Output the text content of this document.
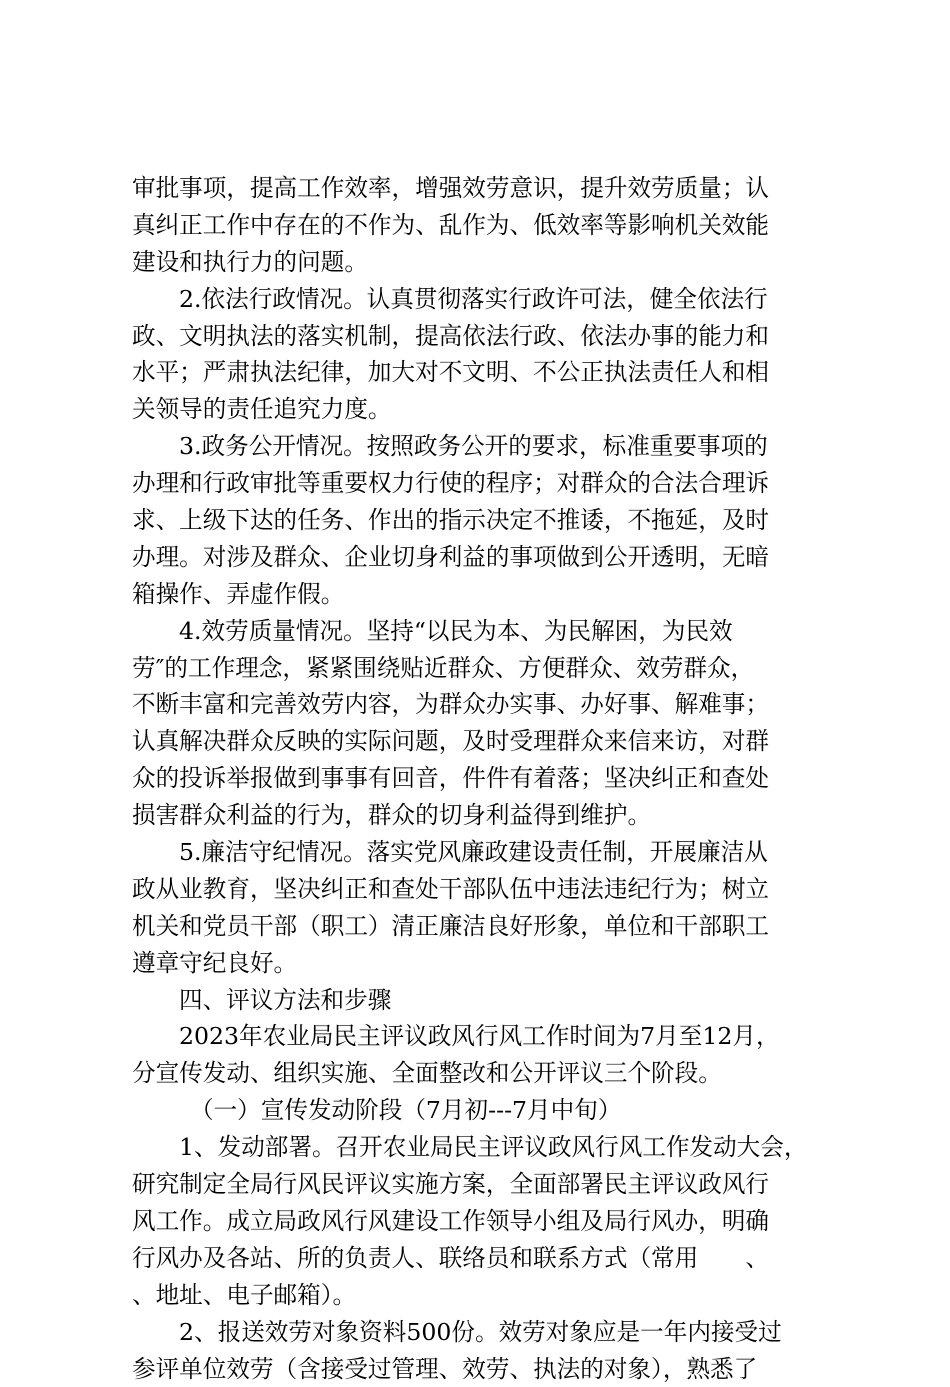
审批事项，提高工作效率，增强效劳意识，提升效劳质量；认
真纠正工作中存在的不作为、乱作为、低效率等影响机关效能
建设和执行力的问题。
2.依法行政情况。认真贯彻落实行政许可法，健全依法行
政、文明执法的落实机制，提高依法行政、依法办事的能力和
水平；严肃执法纪律，加大对不文明、不公正执法责任人和相
关领导的责任追究力度。
3.政务公开情况。按照政务公开的要求，标准重要事项的
办理和行政审批等重要权力行使的程序；对群众的合法合理诉
求、上级下达的任务、作出的指示决定不推诿，不拖延，及时
办理。对涉及群众、企业切身利益的事项做到公开透明，无暗
箱操作、弄虚作假。
4.效劳质量情况。坚持“以民为本、为民解困，为民效
劳″的工作理念，紧紧围绕贴近群众、方便群众、效劳群众，
不断丰富和完善效劳内容，为群众办实事、办好事、解难事；
认真解决群众反映的实际问题，及时受理群众来信来访，对群
众的投诉举报做到事事有回音，件件有着落；坚决纠正和查处
损害群众利益的行为，群众的切身利益得到维护。
5.廉洁守纪情况。落实党风廉政建设责任制，开展廉洁从
政从业教育，坚决纠正和查处干部队伍中违法违纪行为；树立
机关和党员干部（职工）清正廉洁良好形象，单位和干部职工
遵章守纪良好。
四、评议方法和步骤
2023年农业局民主评议政风行风工作时间为7月至12月，
分宣传发动、组织实施、全面整改和公开评议三个阶段。
（一）宣传发动阶段（7月初---7月中旬）
1、发动部署。召开农业局民主评议政风行风工作发动大会，
研究制定全局行风民评议实施方案，全面部署民主评议政风行
风工作。成立局政风行风建设工作领导小组及局行风办，明确
行风办及各站、所的负责人、联络员和联系方式（常用　　、
、地址、电子邮箱）。
2、报送效劳对象资料500份。效劳对象应是一年内接受过
参评单位效劳（含接受过管理、效劳、执法的对象），熟悉了
